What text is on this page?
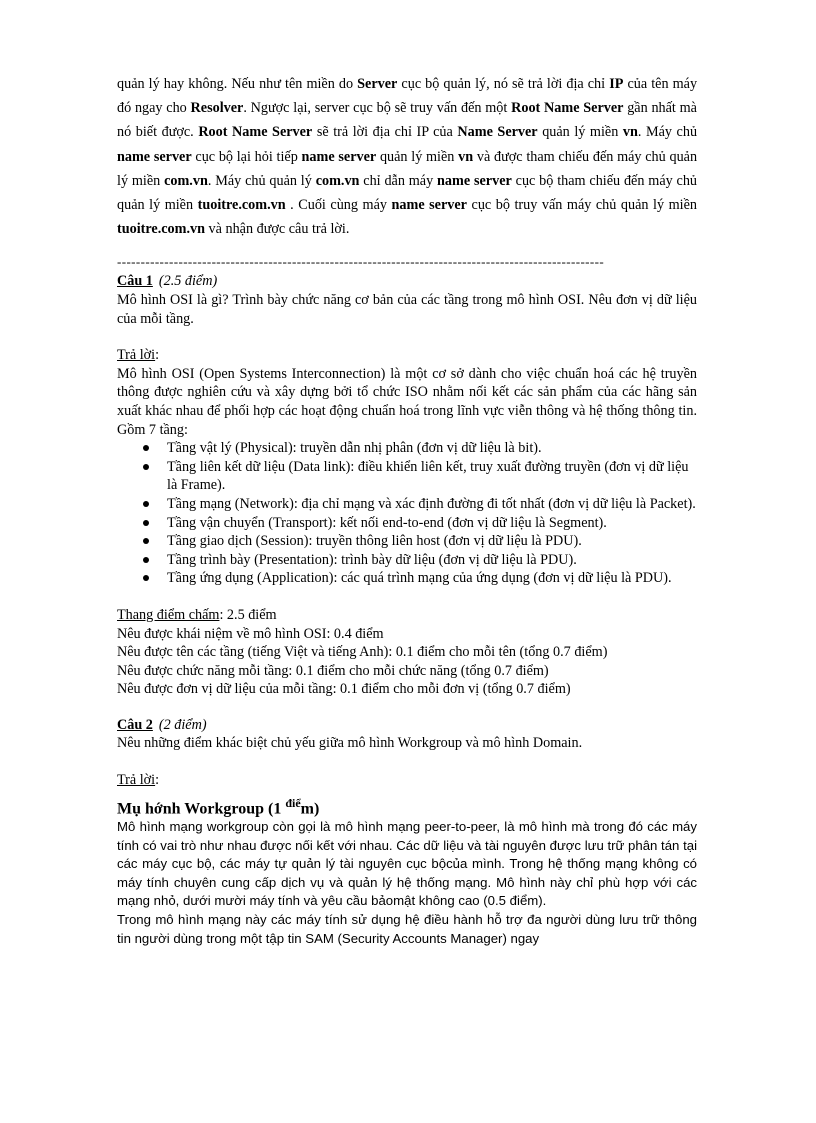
quản lý hay không. Nếu như tên miền do Server cục bộ quản lý, nó sẽ trả lời địa chỉ IP của tên máy đó ngay cho Resolver. Ngược lại, server cục bộ sẽ truy vấn đến một Root Name Server gần nhất mà nó biết được. Root Name Server sẽ trả lời địa chỉ IP của Name Server quản lý miền vn. Máy chủ name server cục bộ lại hỏi tiếp name server quản lý miền vn và được tham chiếu đến máy chủ quản lý miền com.vn. Máy chủ quản lý com.vn chỉ dẫn máy name server cục bộ tham chiếu đến máy chủ quản lý miền tuoitre.com.vn . Cuối cùng máy name server cục bộ truy vấn máy chủ quản lý miền tuoitre.com.vn và nhận được câu trả lời.

-------------------------------------------------------------------------------------------------------
Câu 1 (2.5 điểm)

Mô hình OSI là gì? Trình bày chức năng cơ bản của các tầng trong mô hình OSI. Nêu đơn vị dữ liệu của mỗi tầng.

Trả lời:

Mô hình OSI (Open Systems Interconnection) là một cơ sở dành cho việc chuẩn hoá các hệ truyền thông được nghiên cứu và xây dựng bởi tổ chức ISO nhằm nối kết các sản phẩm của các hãng sản xuất khác nhau để phối hợp các hoạt động chuẩn hoá trong lĩnh vực viễn thông và hệ thống thông tin. Gồm 7 tầng:

Tầng vật lý (Physical): truyền dẫn nhị phân (đơn vị dữ liệu là bit).
Tầng liên kết dữ liệu (Data link): điều khiển liên kết, truy xuất đường truyền (đơn vị dữ liệu là Frame).
Tầng mạng (Network): địa chỉ mạng và xác định đường đi tốt nhất (đơn vị dữ liệu là Packet).
Tầng vận chuyển (Transport): kết nối end-to-end (đơn vị dữ liệu là Segment).
Tầng giao dịch (Session): truyền thông liên host (đơn vị dữ liệu là PDU).
Tầng trình bày (Presentation): trình bày dữ liệu (đơn vị dữ liệu là PDU).
Tầng ứng dụng (Application): các quá trình mạng của ứng dụng (đơn vị dữ liệu là PDU).
Thang điểm chấm: 2.5 điểm
Nêu được khái niệm về mô hình OSI: 0.4 điểm
Nêu được tên các tầng (tiếng Việt và tiếng Anh): 0.1 điểm cho mỗi tên (tổng 0.7 điểm)
Nêu được chức năng mỗi tầng: 0.1 điểm cho mỗi chức năng (tổng 0.7 điểm)
Nêu được đơn vị dữ liệu của mỗi tầng: 0.1 điểm cho mỗi đơn vị (tổng 0.7 điểm)
Câu 2 (2 điểm)

Nêu những điểm khác biệt chủ yếu giữa mô hình Workgroup và mô hình Domain.

Trả lời:
Mụ hớnh Workgroup (1 $^{điể}$m)

Mô hình mạng workgroup còn gọi là mô hình mạng peer-to-peer, là mô hình mà trong đó các máy tính có vai trò như nhau được nối kết với nhau. Các dữ liệu và tài nguyên được lưu trữ phân tán tại các máy cục bộ, các máy tự quản lý tài nguyên cục bộcủa mình. Trong hệ thống mạng không có máy tính chuyên cung cấp dịch vụ và quản lý hệ thống mạng. Mô hình này chỉ phù hợp với các mạng nhỏ, dưới mười máy tính và yêu cầu bảomật không cao (0.5 điểm).

Trong mô hình mạng này các máy tính sử dụng hệ điều hành hỗ trợ đa người dùng lưu trữ thông tin người dùng trong một tập tin SAM (Security Accounts Manager) ngay
